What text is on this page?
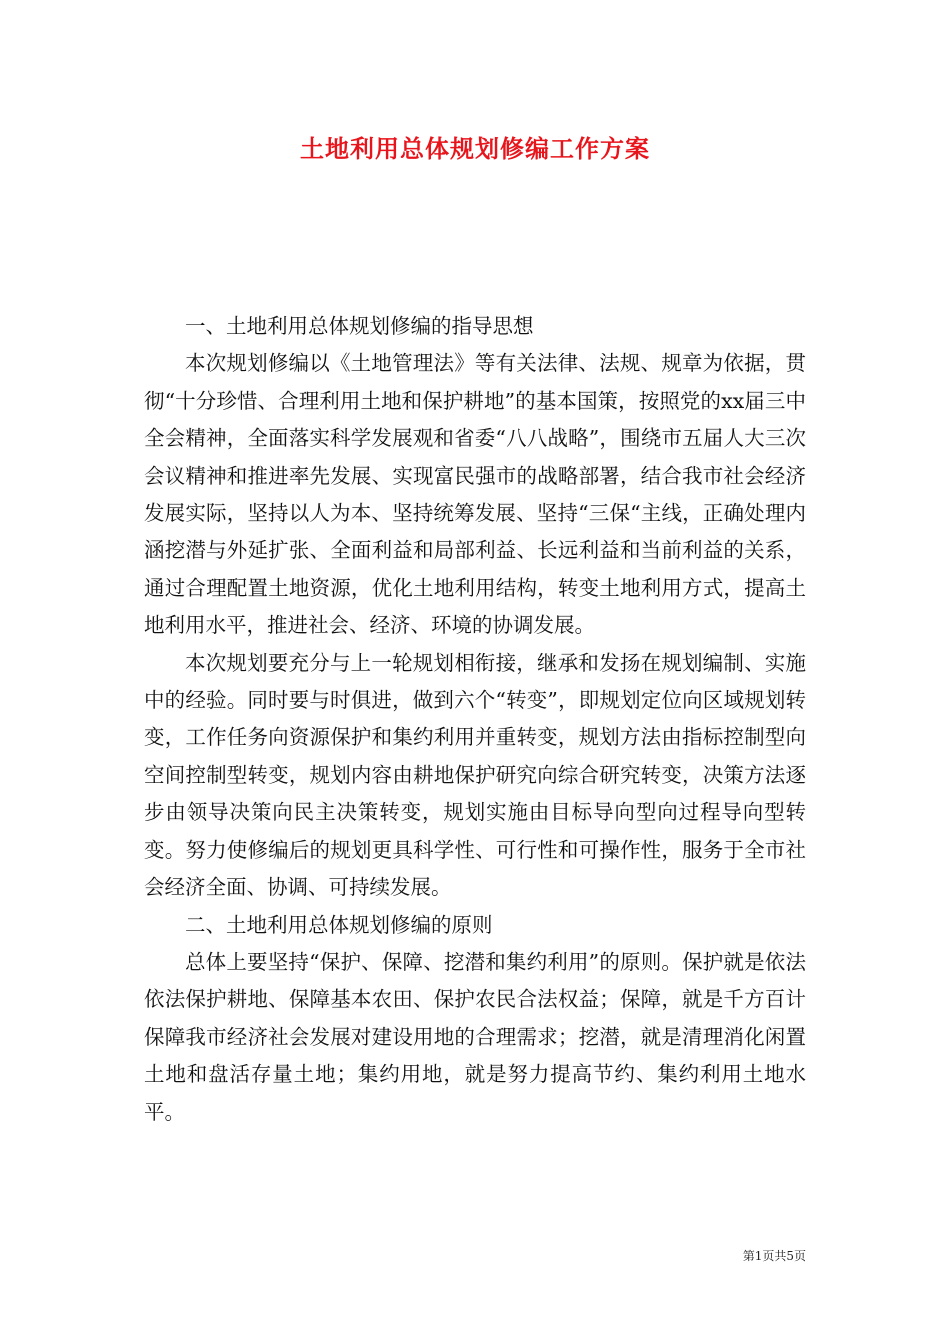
土地利用总体规划修编工作方案

一、土地利用总体规划修编的指导思想

本次规划修编以《土地管理法》等有关法律、法规、规章为依据，贯彻“十分珍惜、合理利用土地和保护耕地”的基本国策，按照党的xx届三中全会精神，全面落实科学发展观和省委“八八战略”，围绕市五届人大三次会议精神和推进率先发展、实现富民强市的战略部署，结合我市社会经济发展实际，坚持以人为本、坚持统筹发展、坚持“三保“主线，正确处理内涵挖潜与外延扩张、全面利益和局部利益、长远利益和当前利益的关系，通过合理配置土地资源，优化土地利用结构，转变土地利用方式，提高土地利用水平，推进社会、经济、环境的协调发展。

本次规划要充分与上一轮规划相衔接，继承和发扬在规划编制、实施中的经验。同时要与时俱进，做到六个“转变”，即规划定位向区域规划转变，工作任务向资源保护和集约利用并重转变，规划方法由指标控制型向空间控制型转变，规划内容由耕地保护研究向综合研究转变，决策方法逐步由领导决策向民主决策转变，规划实施由目标导向型向过程导向型转变。努力使修编后的规划更具科学性、可行性和可操作性，服务于全市社会经济全面、协调、可持续发展。

二、土地利用总体规划修编的原则

总体上要坚持“保护、保障、挖潜和集约利用”的原则。保护就是依法依法保护耕地、保障基本农田、保护农民合法权益；保障，就是千方百计保障我市经济社会发展对建设用地的合理需求；挖潜，就是清理消化闲置土地和盘活存量土地；集约用地，就是努力提高节约、集约利用土地水平。

第1页共5页
